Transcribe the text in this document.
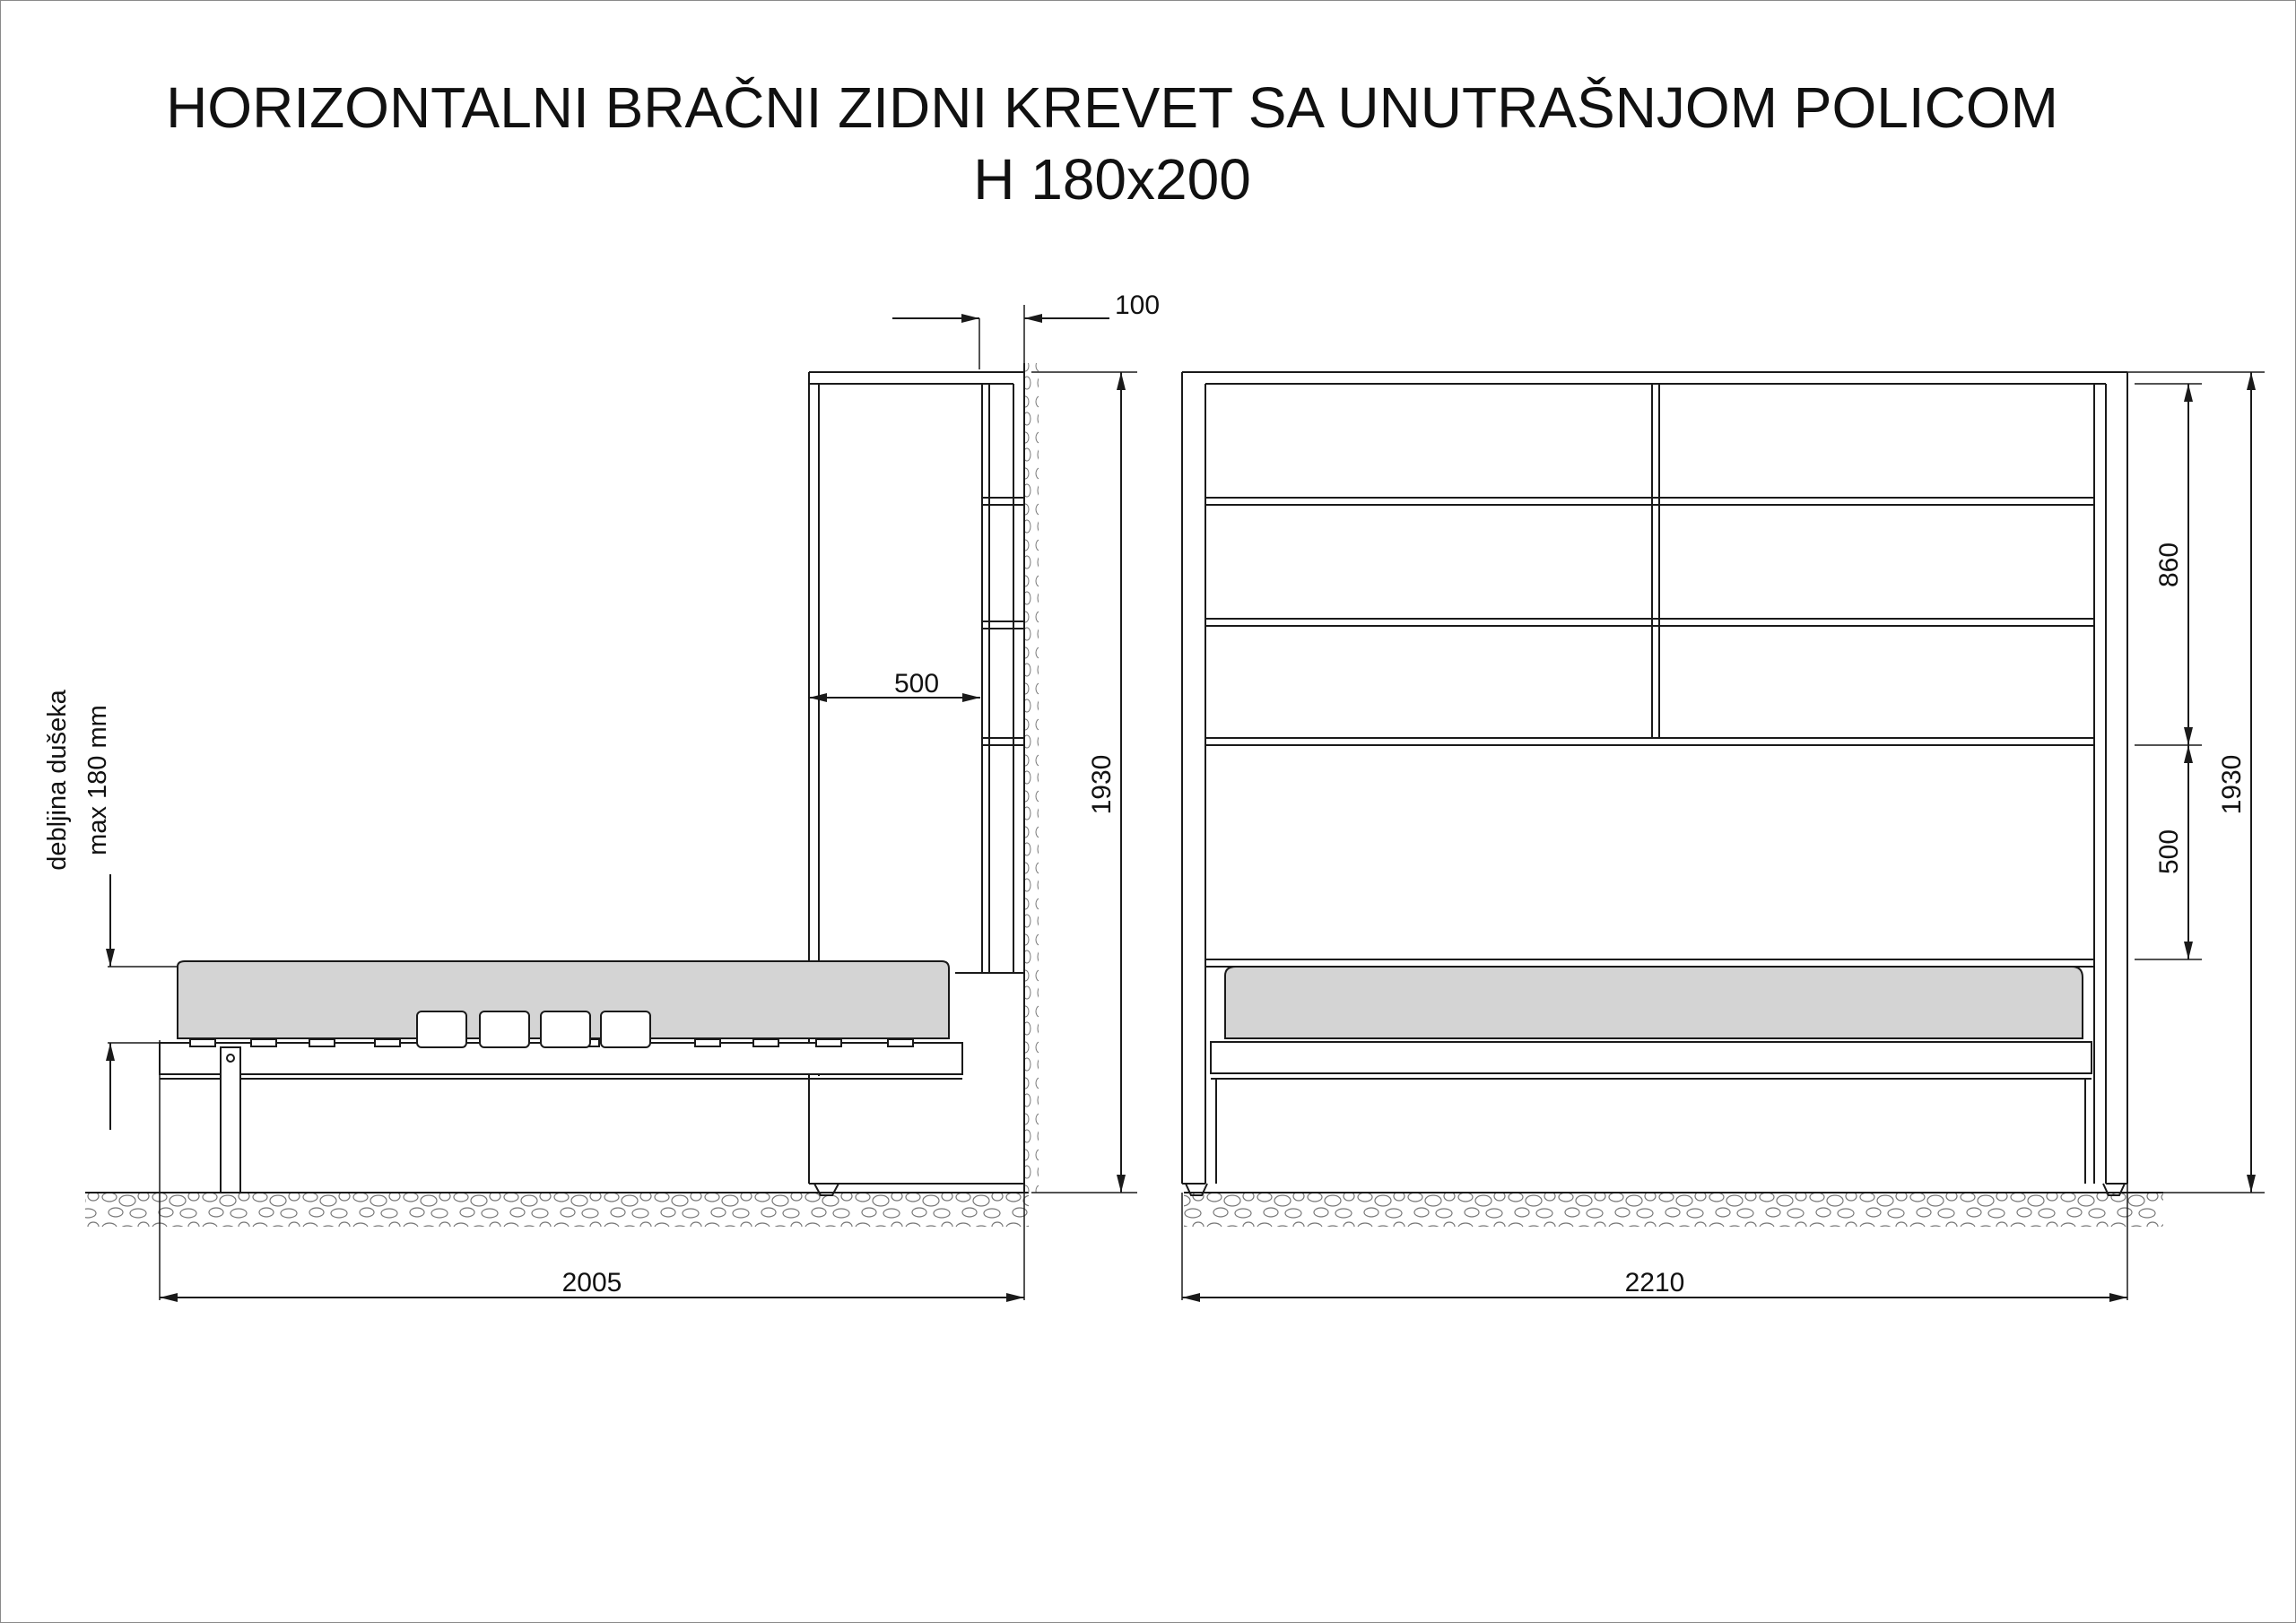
HORIZONTALNI BRAČNI ZIDNI KREVET SA UNUTRAŠNJOM POLICOM
H 180x200
100
500
1930
2005
debljina dušeka max 180 mm
860
500
1930
2210
